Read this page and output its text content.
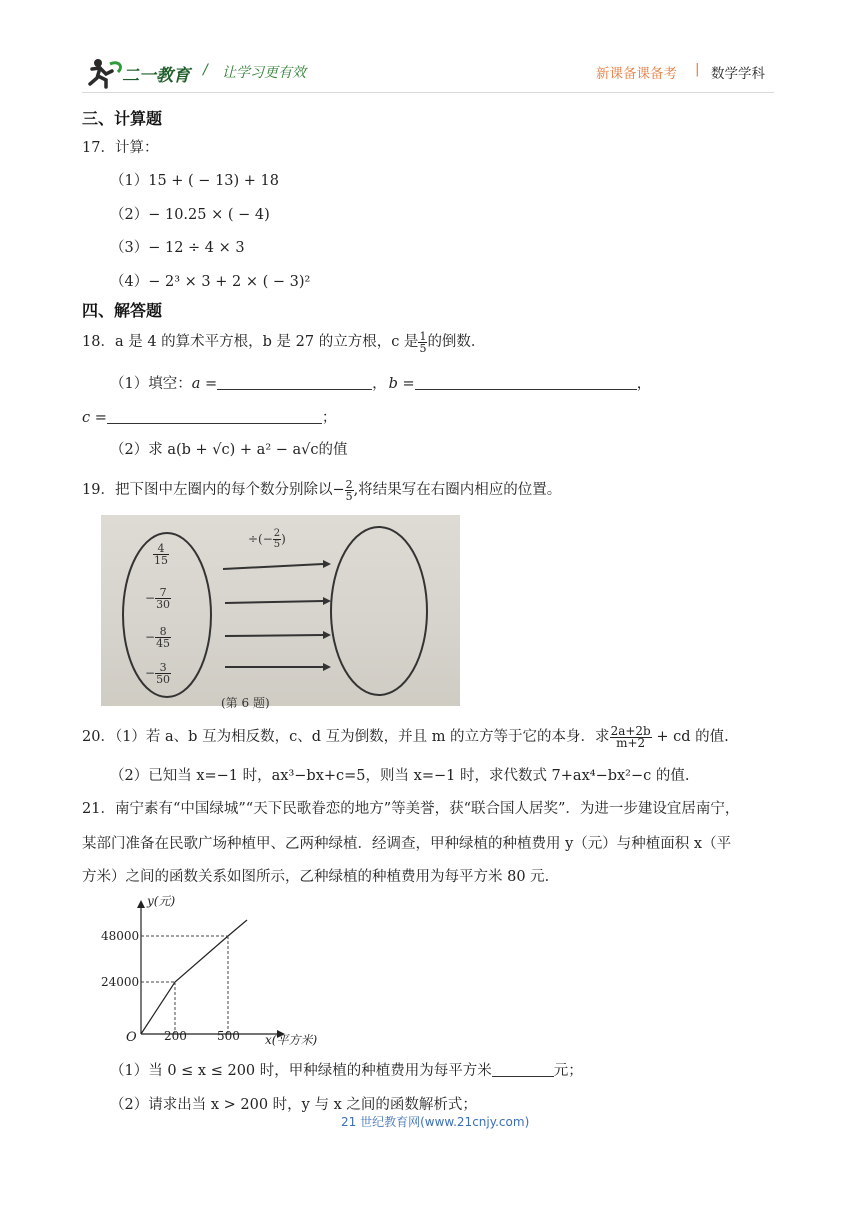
二一教育 / 让学习更有效	新课备课备考 | 数学学科
三、计算题
17．计算：
（1）15 + ( − 13) + 18
（2）− 10.25 × ( − 4)
（3）− 12 ÷ 4 × 3
（4）− 2³ × 3 + 2 × ( − 3)²
四、解答题
18．a 是 4 的算术平方根，b 是 27 的立方根，c 是 $\frac{1}{5}$ 的倒数．
（1）填空：a =	， b =	，
c =	；
（2）求 a(b + √c) + a² − a√c的值
19．把下图中左圈内的每个数分别除以− $\frac{2}{5}$ ,将结果写在右圈内相应的位置。
÷(− $\frac{2}{5}$ )
$\frac{4}{15}$
− $\frac{7}{30}$
− $\frac{8}{45}$
− $\frac{3}{50}$
(第 6 题)
20．（1）若 a、b 互为相反数，c、d 互为倒数，并且 m 的立方等于它的本身．求 $\frac{2a+2b}{m+2}$ + cd 的值.
（2）已知当 x=−1 时，ax³−bx+c=5，则当 x=−1 时，求代数式 7+ax⁴−bx²−c 的值.
21．南宁素有“中国绿城”“天下民歌眷恋的地方”等美誉，获“联合国人居奖”．为进一步建设宜居南宁，
某部门准备在民歌广场种植甲、乙两种绿植．经调查，甲种绿植的种植费用 y（元）与种植面积 x（平
方米）之间的函数关系如图所示，乙种绿植的种植费用为每平方米 80 元．
y(元)
48000
24000
O 200	500 x(平方米)
（1）当 0 ≤ x ≤ 200 时，甲种绿植的种植费用为每平方米	元；
（2）请求出当 x > 200 时，y 与 x 之间的函数解析式；
21 世纪教育网(www.21cnjy.com)
